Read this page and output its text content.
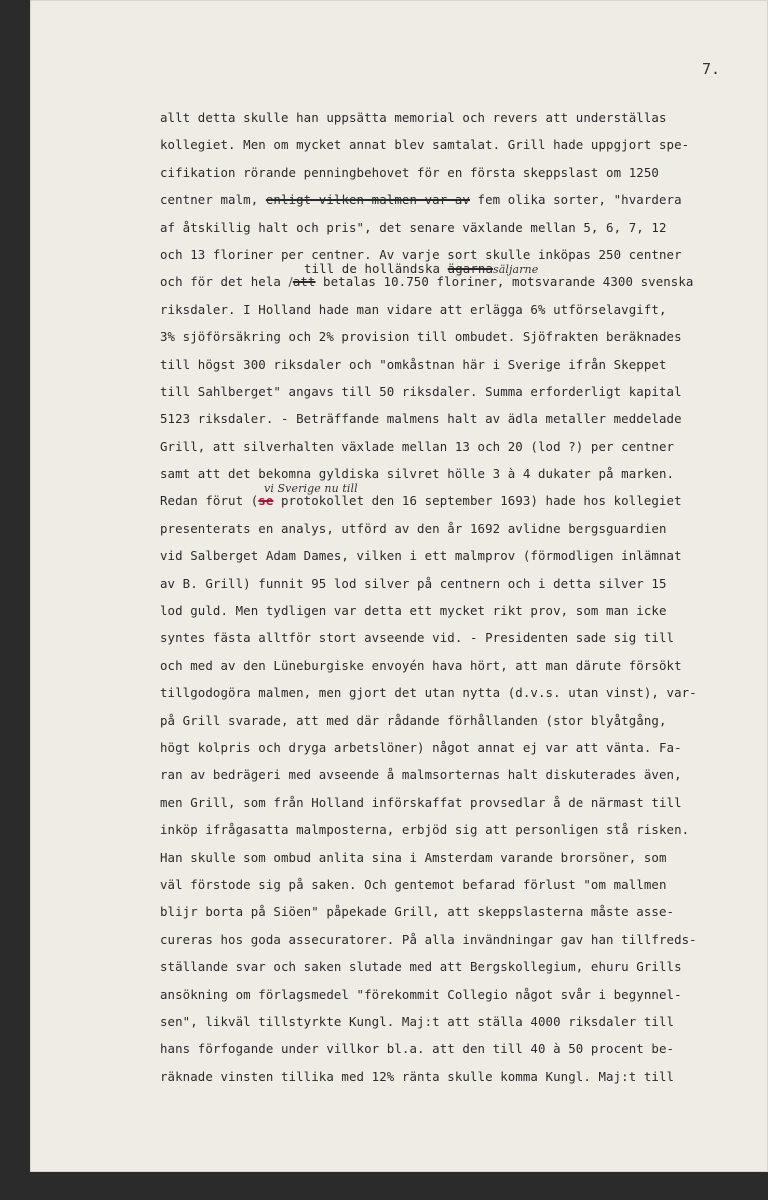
7.
allt detta skulle han uppsätta memorial och revers att underställas
kollegiet. Men om mycket annat blev samtalat. Grill hade uppgjort spe-
cifikation rörande penningbehovet för en första skeppslast om 1250
centner malm, enligt vilken malmen var av fem olika sorter, "hvardera
af åtskillig halt och pris", det senare växlande mellan 5, 6, 7, 12
och 13 floriner per centner. Av varje sort skulle inköpas 250 centner
och för det hela /att betalas 10.750 floriner, motsvarande 4300 svenska
till de holländska ägarnasäljarne
riksdaler. I Holland hade man vidare att erlägga 6% utförselavgift,
3% sjöförsäkring och 2% provision till ombudet. Sjöfrakten beräknades
till högst 300 riksdaler och "omkåstnan här i Sverige ifrån Skeppet
till Sahlberget" angavs till 50 riksdaler. Summa erforderligt kapital
5123 riksdaler. - Beträffande malmens halt av ädla metaller meddelade
Grill, att silverhalten växlade mellan 13 och 20 (lod ?) per centner
samt att det bekomna gyldiska silvret hölle 3 à 4 dukater på marken.
Redan förut (se protokollet den 16 september 1693) hade hos kollegiet
vi Sverige nu till
presenterats en analys, utförd av den år 1692 avlidne bergsguardien
vid Salberget Adam Dames, vilken i ett malmprov (förmodligen inlämnat
av B. Grill) funnit 95 lod silver på centnern och i detta silver 15
lod guld. Men tydligen var detta ett mycket rikt prov, som man icke
syntes fästa alltför stort avseende vid. - Presidenten sade sig till
och med av den Lüneburgiske envoyén hava hört, att man därute försökt
tillgodogöra malmen, men gjort det utan nytta (d.v.s. utan vinst), var-
på Grill svarade, att med där rådande förhållanden (stor blyåtgång,
högt kolpris och dryga arbetslöner) något annat ej var att vänta. Fa-
ran av bedrägeri med avseende å malmsorternas halt diskuterades även,
men Grill, som från Holland införskaffat provsedlar å de närmast till
inköp ifrågasatta malmposterna, erbjöd sig att personligen stå risken.
Han skulle som ombud anlita sina i Amsterdam varande brorsöner, som
väl förstode sig på saken. Och gentemot befarad förlust "om mallmen
blijr borta på Siöen" påpekade Grill, att skeppslasterna måste asse-
cureras hos goda assecuratorer. På alla invändningar gav han tillfreds-
ställande svar och saken slutade med att Bergskollegium, ehuru Grills
ansökning om förlagsmedel "förekommit Collegio något svår i begynnel-
sen", likväl tillstyrkte Kungl. Maj:t att ställa 4000 riksdaler till
hans förfogande under villkor bl.a. att den till 40 à 50 procent be-
räknade vinsten tillika med 12% ränta skulle komma Kungl. Maj:t till
